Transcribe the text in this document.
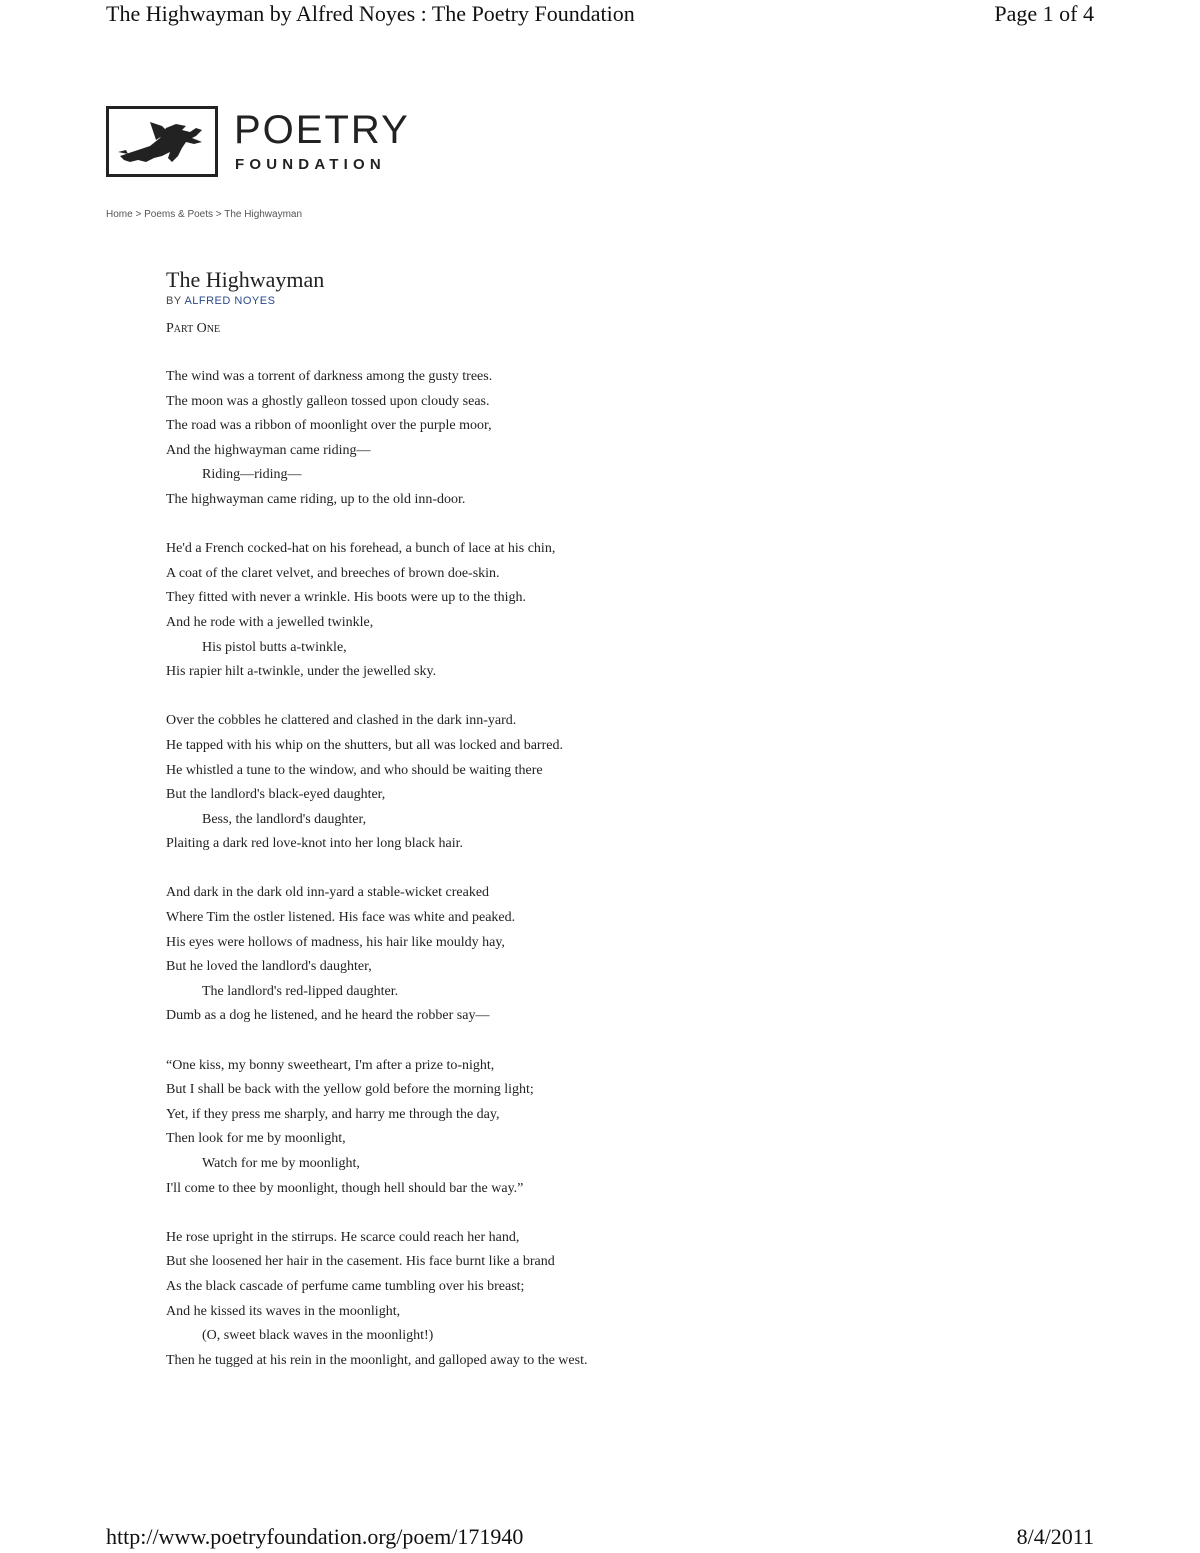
The Highwayman by Alfred Noyes : The Poetry Foundation	Page 1 of 4
POETRY
FOUNDATION
Home > Poems & Poets > The Highwayman
The Highwayman
BY ALFRED NOYES
Part One
The wind was a torrent of darkness among the gusty trees.
The moon was a ghostly galleon tossed upon cloudy seas.
The road was a ribbon of moonlight over the purple moor,
And the highwayman came riding—
Riding—riding—
The highwayman came riding, up to the old inn-door.
He'd a French cocked-hat on his forehead, a bunch of lace at his chin,
A coat of the claret velvet, and breeches of brown doe-skin.
They fitted with never a wrinkle. His boots were up to the thigh.
And he rode with a jewelled twinkle,
His pistol butts a-twinkle,
His rapier hilt a-twinkle, under the jewelled sky.
Over the cobbles he clattered and clashed in the dark inn-yard.
He tapped with his whip on the shutters, but all was locked and barred.
He whistled a tune to the window, and who should be waiting there
But the landlord's black-eyed daughter,
Bess, the landlord's daughter,
Plaiting a dark red love-knot into her long black hair.
And dark in the dark old inn-yard a stable-wicket creaked
Where Tim the ostler listened. His face was white and peaked.
His eyes were hollows of madness, his hair like mouldy hay,
But he loved the landlord's daughter,
The landlord's red-lipped daughter.
Dumb as a dog he listened, and he heard the robber say—
“One kiss, my bonny sweetheart, I'm after a prize to-night,
But I shall be back with the yellow gold before the morning light;
Yet, if they press me sharply, and harry me through the day,
Then look for me by moonlight,
Watch for me by moonlight,
I'll come to thee by moonlight, though hell should bar the way.”
He rose upright in the stirrups. He scarce could reach her hand,
But she loosened her hair in the casement. His face burnt like a brand
As the black cascade of perfume came tumbling over his breast;
And he kissed its waves in the moonlight,
(O, sweet black waves in the moonlight!)
Then he tugged at his rein in the moonlight, and galloped away to the west.
http://www.poetryfoundation.org/poem/171940	8/4/2011
